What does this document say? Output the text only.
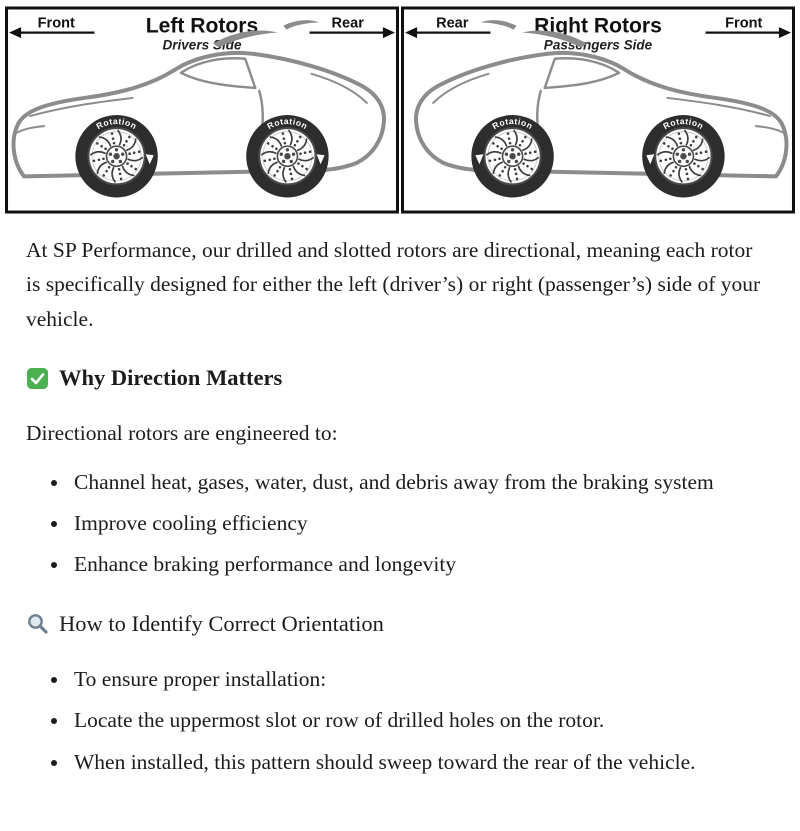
Front	Left Rotors
Drivers Side
Rear
Rotation	Rotation
Rear	Right Rotors
Passengers Side
Front
Rotation	Rotation

At SP Performance, our drilled and slotted rotors are directional, meaning each rotor is specifically designed for either the left (driver’s) or right (passenger’s) side of your vehicle.

Why Direction Matters

Directional rotors are engineered to:

• Channel heat, gases, water, dust, and debris away from the braking system
• Improve cooling efficiency
• Enhance braking performance and longevity
How to Identify Correct Orientation
• To ensure proper installation:
• Locate the uppermost slot or row of drilled holes on the rotor.
• When installed, this pattern should sweep toward the rear of the vehicle.
